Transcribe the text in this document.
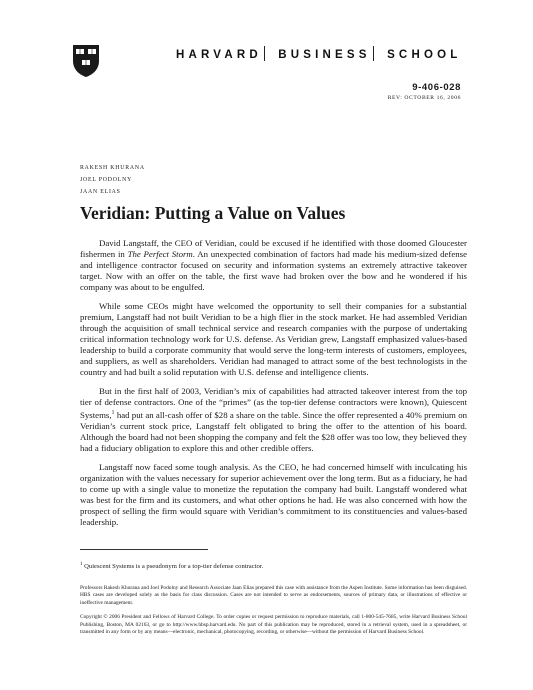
HARVARD BUSINESS SCHOOL
9-406-028
REV: OCTOBER 16, 2006
RAKESH KHURANA
JOEL PODOLNY
JAAN ELIAS
Veridian: Putting a Value on Values

David Langstaff, the CEO of Veridian, could be excused if he identified with those doomed Gloucester fishermen in The Perfect Storm. An unexpected combination of factors had made his medium-sized defense and intelligence contractor focused on security and information systems an extremely attractive takeover target. Now with an offer on the table, the first wave had broken over the bow and he wondered if his company was about to be engulfed.

While some CEOs might have welcomed the opportunity to sell their companies for a substantial premium, Langstaff had not built Veridian to be a high flier in the stock market. He had assembled Veridian through the acquisition of small technical service and research companies with the purpose of undertaking critical information technology work for U.S. defense. As Veridian grew, Langstaff emphasized values-based leadership to build a corporate community that would serve the long-term interests of customers, employees, and suppliers, as well as shareholders. Veridian had managed to attract some of the best technologists in the country and had built a solid reputation with U.S. defense and intelligence clients.

But in the first half of 2003, Veridian’s mix of capabilities had attracted takeover interest from the top tier of defense contractors. One of the “primes” (as the top-tier defense contractors were known), Quiescent Systems,$^1$ had put an all-cash offer of $28 a share on the table. Since the offer represented a 40% premium on Veridian’s current stock price, Langstaff felt obligated to bring the offer to the attention of his board. Although the board had not been shopping the company and felt the $28 offer was too low, they believed they had a fiduciary obligation to explore this and other credible offers.

Langstaff now faced some tough analysis. As the CEO, he had concerned himself with inculcating his organization with the values necessary for superior achievement over the long term. But as a fiduciary, he had to come up with a single value to monetize the reputation the company had built. Langstaff wondered what was best for the firm and its customers, and what other options he had. He was also concerned with how the prospect of selling the firm would square with Veridian’s commitment to its constituencies and values-based leadership.

$^1$ Quiescent Systems is a pseudonym for a top-tier defense contractor.

Professors Rakesh Khurana and Joel Podolny and Research Associate Jaan Elias prepared this case with assistance from the Aspen Institute. Some information has been disguised. HBS cases are developed solely as the basis for class discussion. Cases are not intended to serve as endorsements, sources of primary data, or illustrations of effective or ineffective management.

Copyright © 2006 President and Fellows of Harvard College. To order copies or request permission to reproduce materials, call 1-800-545-7685, write Harvard Business School Publishing, Boston, MA 02163, or go to http://www.hbsp.harvard.edu. No part of this publication may be reproduced, stored in a retrieval system, used in a spreadsheet, or transmitted in any form or by any means—electronic, mechanical, photocopying, recording, or otherwise—without the permission of Harvard Business School.
